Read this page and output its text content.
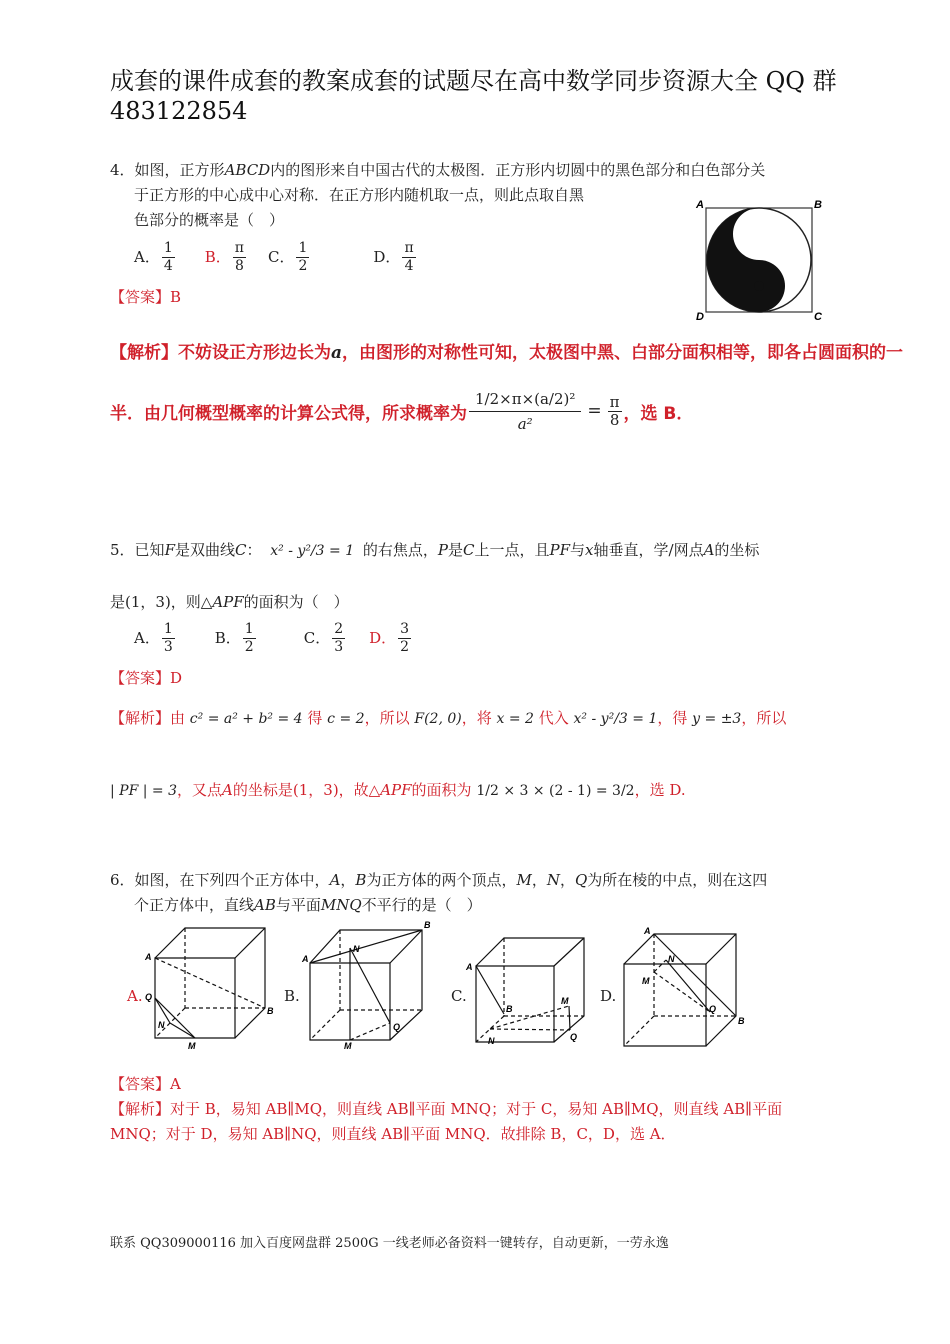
成套的课件成套的教案成套的试题尽在高中数学同步资源大全 QQ 群
483122854
4．如图，正方形ABCD内的图形来自中国古代的太极图．正方形内切圆中的黑色部分和白色部分关
于正方形的中心成中心对称．在正方形内随机取一点，则此点取自黑
色部分的概率是（　）
A． $\frac{1}{4}$ B． $\frac{\pi}{8}$ C． $\frac{1}{2}$	D． $\frac{\pi}{4}$
A	B
C
D
【答案】B
【解析】不妨设正方形边长为a，由图形的对称性可知，太极图中黑、白部分面积相等，即各占圆面积的一
半．由几何概型概率的计算公式得，所求概率为 $\frac{\text{1/2×π×(a/2)²}}{\text{a²}} = \frac{\pi}{8}$ ，选 B．
5．已知F是双曲线C： x² - y²/3 = 1 的右焦点，P是C上一点，且PF与x轴垂直，学/网点A的坐标
是(1，3)，则△APF的面积为（　）
A． $\frac{1}{3}$	B． $\frac{1}{2}$	C． $\frac{2}{3}$ D． $\frac{3}{2}$
【答案】D
【解析】由 c² = a² + b² = 4 得 c = 2，所以 F(2, 0)，将 x = 2 代入 x² - y²/3 = 1，得 y = ±3，所以
| PF | = 3，又点A的坐标是(1，3)，故△APF的面积为 1/2 × 3 × (2 - 1) = 3/2，选 D.
6．如图，在下列四个正方体中，A，B为正方体的两个顶点，M，N，Q为所在棱的中点，则在这四
个正方体中，直线AB与平面MNQ不平行的是（　）
A.	B.	C.	D.
A
B
Q
N
M
A
B
N
Q
M
A
B
M
N	Q
A
B
N
M
Q
【答案】A
【解析】对于 B，易知 AB∥MQ，则直线 AB∥平面 MNQ；对于 C，易知 AB∥MQ，则直线 AB∥平面
MNQ；对于 D，易知 AB∥NQ，则直线 AB∥平面 MNQ．故排除 B，C，D，选 A．
联系 QQ309000116 加入百度网盘群 2500G 一线老师必备资料一键转存，自动更新，一劳永逸
